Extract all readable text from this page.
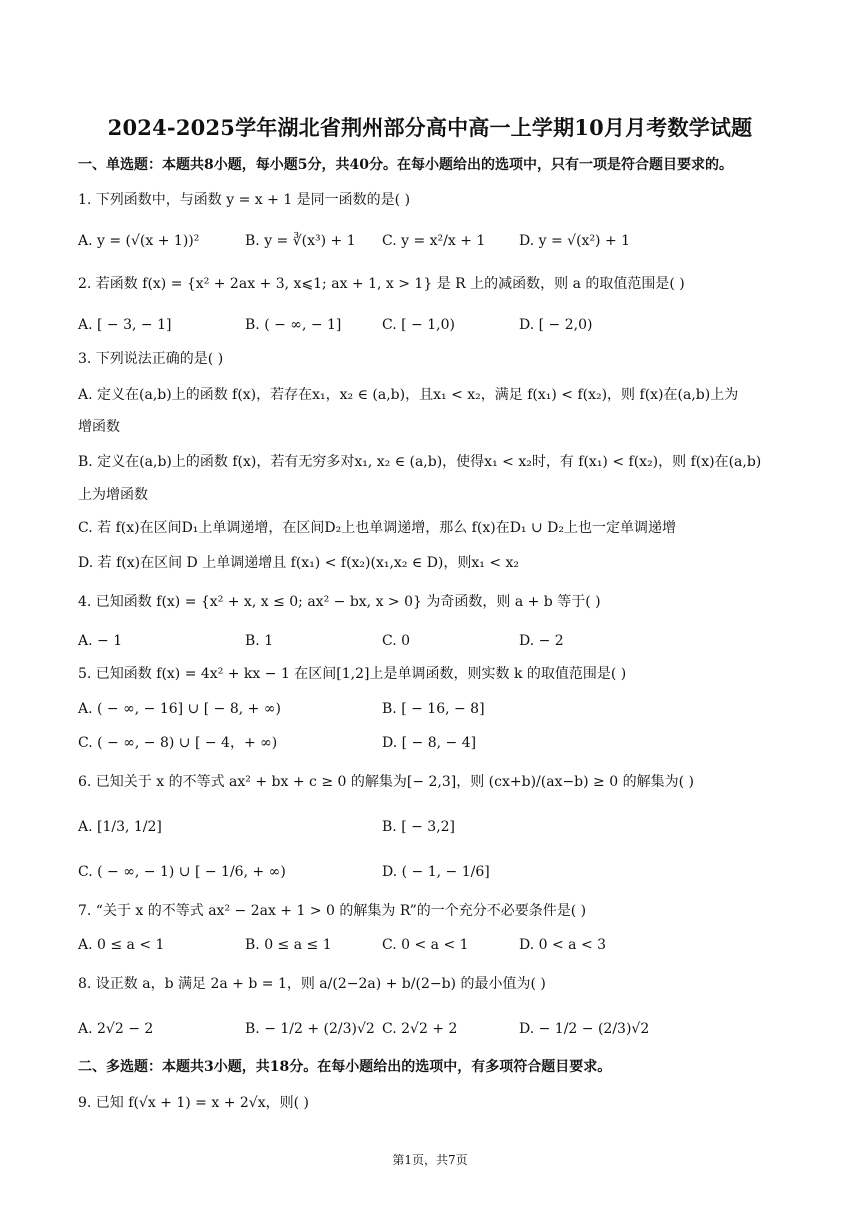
2024-2025学年湖北省荆州部分高中高一上学期10月月考数学试题
一、单选题：本题共8小题，每小题5分，共40分。在每小题给出的选项中，只有一项是符合题目要求的。
1. 下列函数中，与函数 y = x + 1 是同一函数的是( )
A. y = (√(x + 1))²	B. y = ∛(x³) + 1 C. y = x²/x + 1 D. y = √(x²) + 1
2. 若函数 f(x) = {x² + 2ax + 3, x⩽1; ax + 1, x > 1} 是 R 上的减函数，则 a 的取值范围是( )
A. [ − 3, − 1]	B. ( − ∞, − 1]	C. [ − 1,0)	D. [ − 2,0)
3. 下列说法正确的是( )
A. 定义在(a,b)上的函数 f(x)，若存在x₁，x₂ ∈ (a,b)，且x₁ < x₂，满足 f(x₁) < f(x₂)，则 f(x)在(a,b)上为
增函数
B. 定义在(a,b)上的函数 f(x)，若有无穷多对x₁, x₂ ∈ (a,b)，使得x₁ < x₂时，有 f(x₁) < f(x₂)，则 f(x)在(a,b)
上为增函数
C. 若 f(x)在区间D₁上单调递增，在区间D₂上也单调递增，那么 f(x)在D₁ ∪ D₂上也一定单调递增
D. 若 f(x)在区间 D 上单调递增且 f(x₁) < f(x₂)(x₁,x₂ ∈ D)，则x₁ < x₂
4. 已知函数 f(x) = {x² + x, x ≤ 0; ax² − bx, x > 0} 为奇函数，则 a + b 等于( )
A. − 1	B. 1	C. 0	D. − 2
5. 已知函数 f(x) = 4x² + kx − 1 在区间[1,2]上是单调函数，则实数 k 的取值范围是( )
A. ( − ∞, − 16] ∪ [ − 8, + ∞)	B. [ − 16, − 8]
C. ( − ∞, − 8) ∪ [ − 4，+ ∞)	D. [ − 8, − 4]
6. 已知关于 x 的不等式 ax² + bx + c ≥ 0 的解集为[− 2,3]，则 (cx+b)/(ax−b) ≥ 0 的解集为( )
A. [1/3, 1/2]	B. [ − 3,2]
C. ( − ∞, − 1) ∪ [ − 1/6, + ∞)	D. ( − 1, − 1/6]
7. “关于 x 的不等式 ax² − 2ax + 1 > 0 的解集为 R”的一个充分不必要条件是( )
A. 0 ≤ a < 1	B. 0 ≤ a ≤ 1	C. 0 < a < 1	D. 0 < a < 3
8. 设正数 a，b 满足 2a + b = 1，则 a/(2−2a) + b/(2−b) 的最小值为( )
A. 2√2 − 2	B. − 1/2 + (2/3)√2 C. 2√2 + 2	D. − 1/2 − (2/3)√2
二、多选题：本题共3小题，共18分。在每小题给出的选项中，有多项符合题目要求。
9. 已知 f(√x + 1) = x + 2√x，则( )
第1页，共7页
